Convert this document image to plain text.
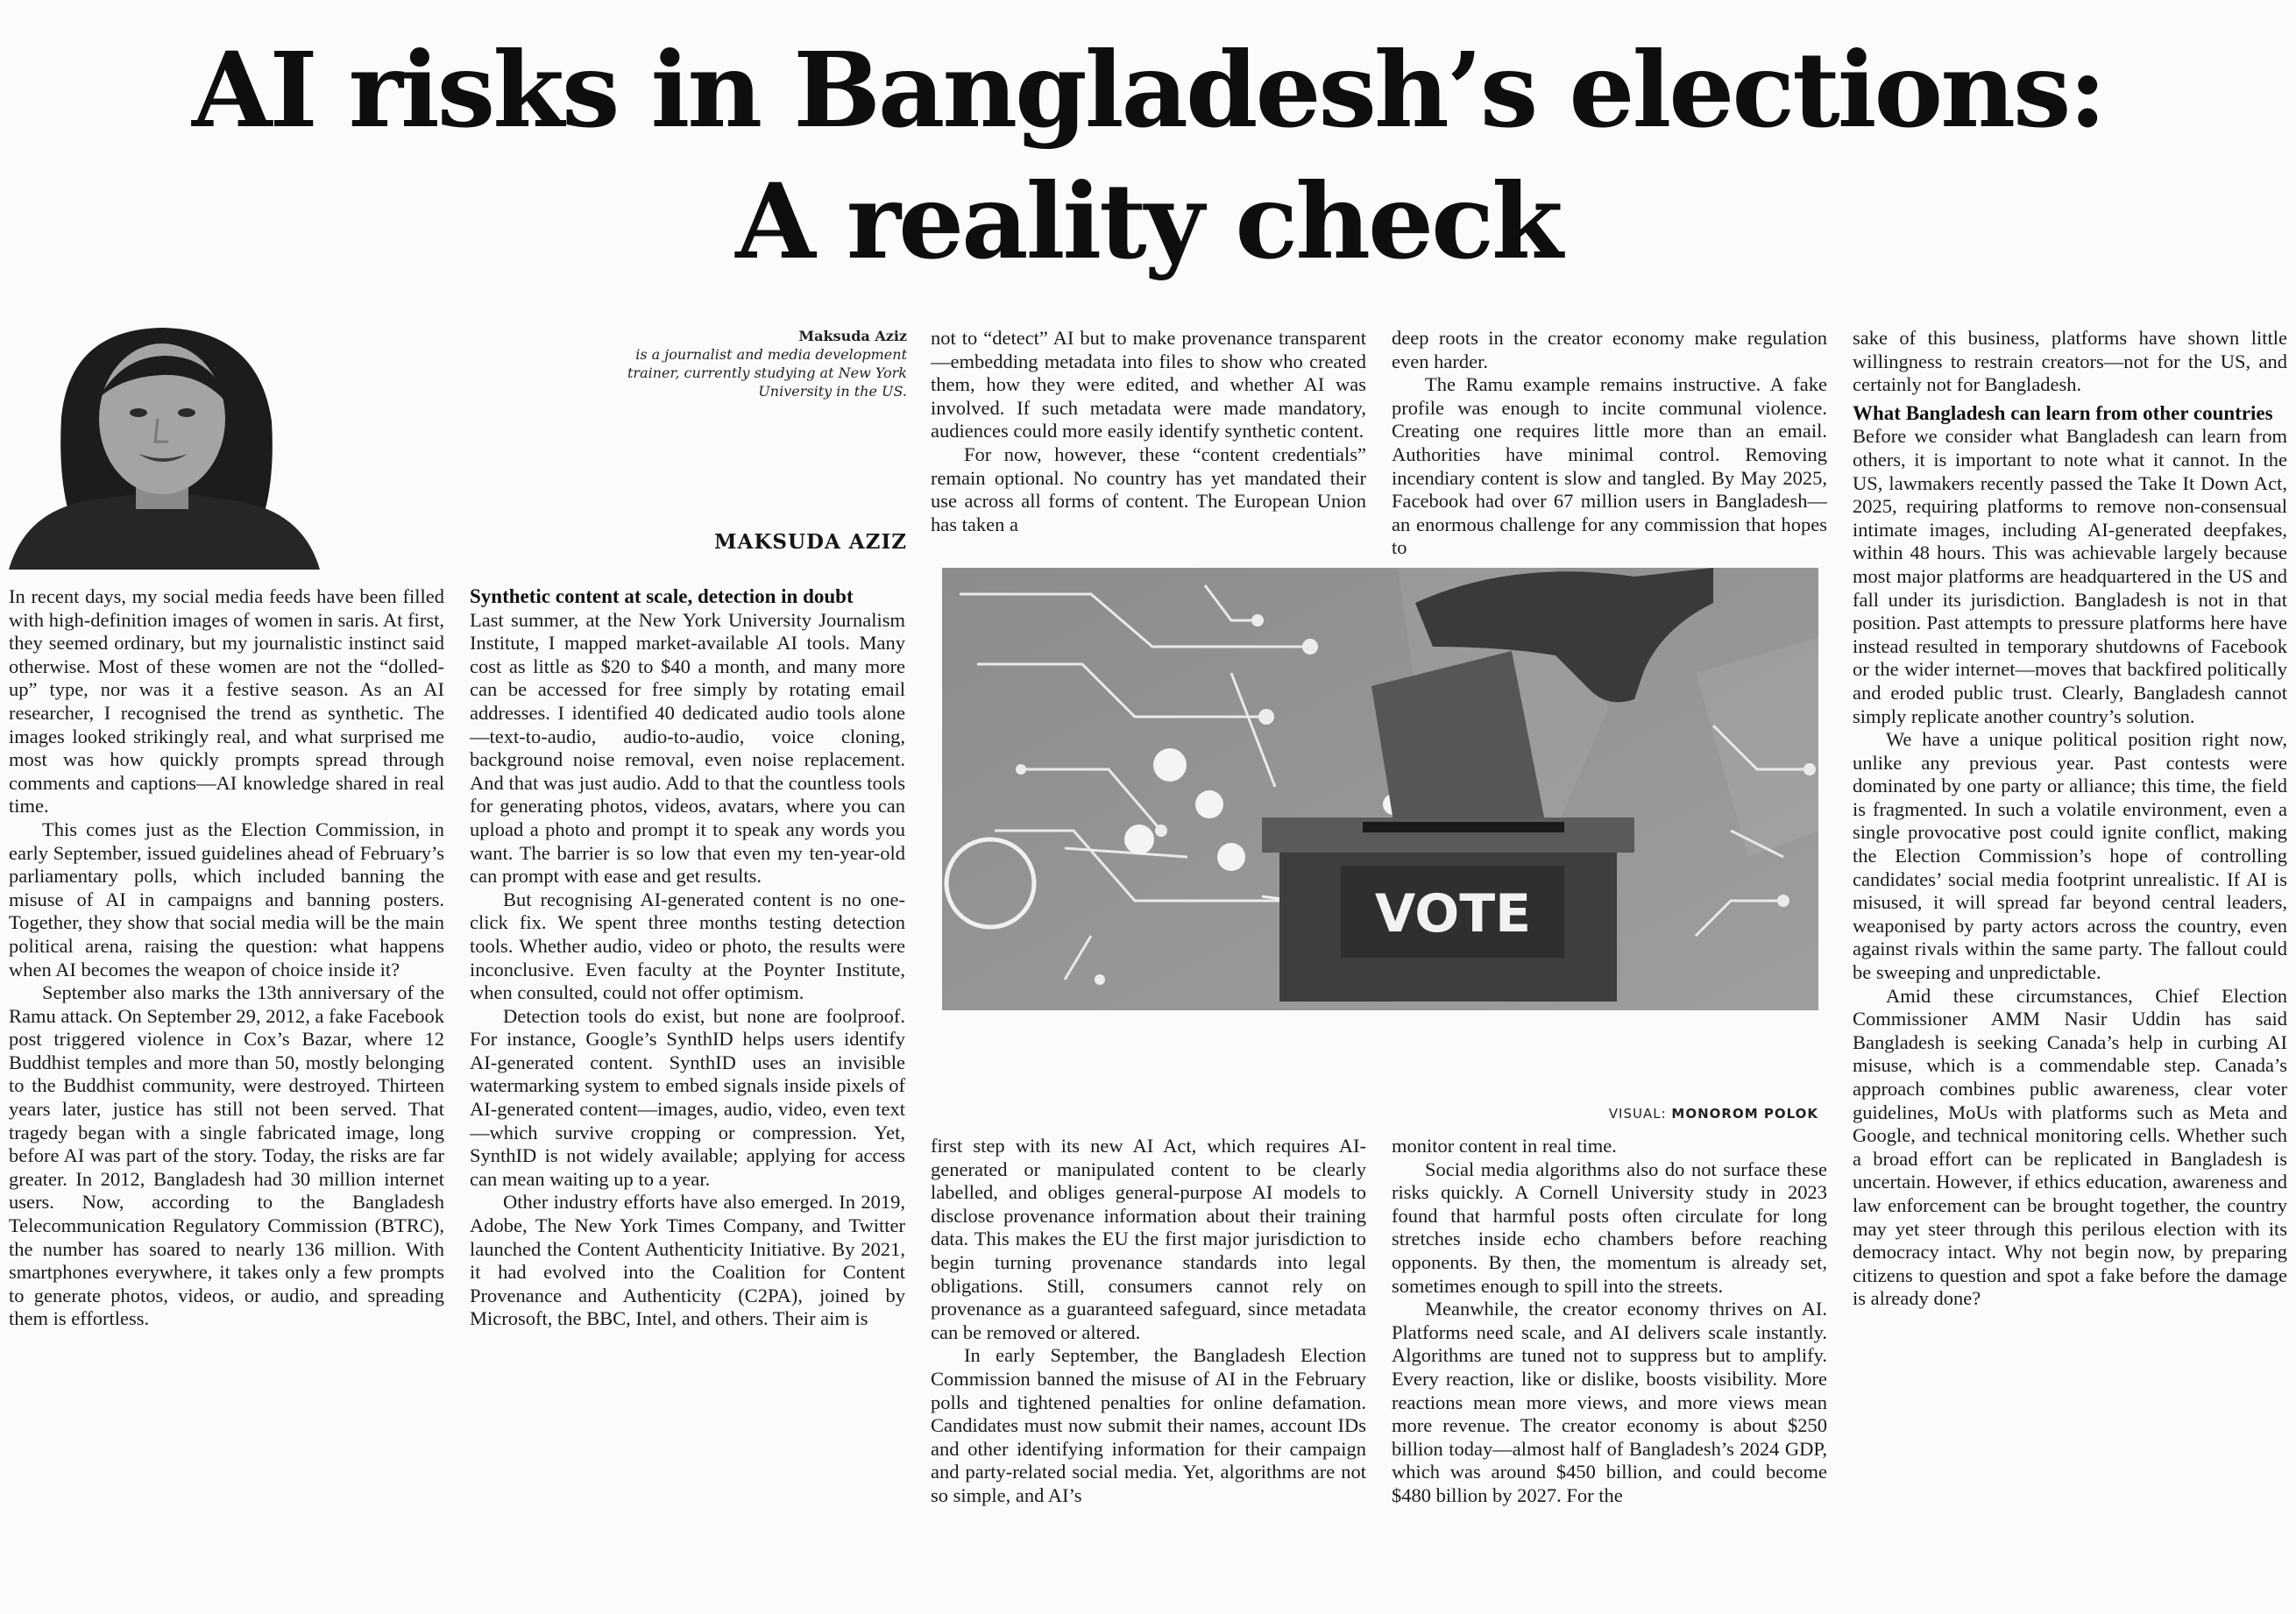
AI risks in Bangladesh’s elections:
A reality check
Maksuda Aziz
is a journalist and media development trainer, currently studying at New York University in the US.
MAKSUDA AZIZ

In recent days, my social media feeds have been filled with high-definition images of women in saris. At first, they seemed ordinary, but my journalistic instinct said otherwise. Most of these women are not the “dolled-up” type, nor was it a festive season. As an AI researcher, I recognised the trend as synthetic. The images looked strikingly real, and what surprised me most was how quickly prompts spread through comments and captions—AI knowledge shared in real time.

This comes just as the Election Commission, in early September, issued guidelines ahead of February’s parliamentary polls, which included banning the misuse of AI in campaigns and banning posters. Together, they show that social media will be the main political arena, raising the question: what happens when AI becomes the weapon of choice inside it?

September also marks the 13th anniversary of the Ramu attack. On September 29, 2012, a fake Facebook post triggered violence in Cox’s Bazar, where 12 Buddhist temples and more than 50, mostly belonging to the Buddhist community, were destroyed. Thirteen years later, justice has still not been served. That tragedy began with a single fabricated image, long before AI was part of the story. Today, the risks are far greater. In 2012, Bangladesh had 30 million internet users. Now, according to the Bangladesh Telecommunication Regulatory Commission (BTRC), the number has soared to nearly 136 million. With smartphones everywhere, it takes only a few prompts to generate photos, videos, or audio, and spreading them is effortless.

Synthetic content at scale, detection in doubt

Last summer, at the New York University Journalism Institute, I mapped market-available AI tools. Many cost as little as $20 to $40 a month, and many more can be accessed for free simply by rotating email addresses. I identified 40 dedicated audio tools alone—text-to-audio, audio-to-audio, voice cloning, background noise removal, even noise replacement. And that was just audio. Add to that the countless tools for generating photos, videos, avatars, where you can upload a photo and prompt it to speak any words you want. The barrier is so low that even my ten-year-old can prompt with ease and get results.

But recognising AI-generated content is no one-click fix. We spent three months testing detection tools. Whether audio, video or photo, the results were inconclusive. Even faculty at the Poynter Institute, when consulted, could not offer optimism.

Detection tools do exist, but none are foolproof. For instance, Google’s SynthID helps users identify AI-generated content. SynthID uses an invisible watermarking system to embed signals inside pixels of AI-generated content—images, audio, video, even text—which survive cropping or compression. Yet, SynthID is not widely available; applying for access can mean waiting up to a year.

Other industry efforts have also emerged. In 2019, Adobe, The New York Times Company, and Twitter launched the Content Authenticity Initiative. By 2021, it had evolved into the Coalition for Content Provenance and Authenticity (C2PA), joined by Microsoft, the BBC, Intel, and others. Their aim is

not to “detect” AI but to make provenance transparent—embedding metadata into files to show who created them, how they were edited, and whether AI was involved. If such metadata were made mandatory, audiences could more easily identify synthetic content.

For now, however, these “content credentials” remain optional. No country has yet mandated their use across all forms of content. The European Union has taken a

deep roots in the creator economy make regulation even harder.

The Ramu example remains instructive. A fake profile was enough to incite communal violence. Creating one requires little more than an email. Authorities have minimal control. Removing incendiary content is slow and tangled. By May 2025, Facebook had over 67 million users in Bangladesh—an enormous challenge for any commission that hopes to

VOTE
VISUAL: MONOROM POLOK

first step with its new AI Act, which requires AI-generated or manipulated content to be clearly labelled, and obliges general-purpose AI models to disclose provenance information about their training data. This makes the EU the first major jurisdiction to begin turning provenance standards into legal obligations. Still, consumers cannot rely on provenance as a guaranteed safeguard, since metadata can be removed or altered.

In early September, the Bangladesh Election Commission banned the misuse of AI in the February polls and tightened penalties for online defamation. Candidates must now submit their names, account IDs and other identifying information for their campaign and party-related social media. Yet, algorithms are not so simple, and AI’s

monitor content in real time.

Social media algorithms also do not surface these risks quickly. A Cornell University study in 2023 found that harmful posts often circulate for long stretches inside echo chambers before reaching opponents. By then, the momentum is already set, sometimes enough to spill into the streets.

Meanwhile, the creator economy thrives on AI. Platforms need scale, and AI delivers scale instantly. Algorithms are tuned not to suppress but to amplify. Every reaction, like or dislike, boosts visibility. More reactions mean more views, and more views mean more revenue. The creator economy is about $250 billion today—almost half of Bangladesh’s 2024 GDP, which was around $450 billion, and could become $480 billion by 2027. For the

sake of this business, platforms have shown little willingness to restrain creators—not for the US, and certainly not for Bangladesh.

What Bangladesh can learn from other countries

Before we consider what Bangladesh can learn from others, it is important to note what it cannot. In the US, lawmakers recently passed the Take It Down Act, 2025, requiring platforms to remove non-consensual intimate images, including AI-generated deepfakes, within 48 hours. This was achievable largely because most major platforms are headquartered in the US and fall under its jurisdiction. Bangladesh is not in that position. Past attempts to pressure platforms here have instead resulted in temporary shutdowns of Facebook or the wider internet—moves that backfired politically and eroded public trust. Clearly, Bangladesh cannot simply replicate another country’s solution.

We have a unique political position right now, unlike any previous year. Past contests were dominated by one party or alliance; this time, the field is fragmented. In such a volatile environment, even a single provocative post could ignite conflict, making the Election Commission’s hope of controlling candidates’ social media footprint unrealistic. If AI is misused, it will spread far beyond central leaders, weaponised by party actors across the country, even against rivals within the same party. The fallout could be sweeping and unpredictable.

Amid these circumstances, Chief Election Commissioner AMM Nasir Uddin has said Bangladesh is seeking Canada’s help in curbing AI misuse, which is a commendable step. Canada’s approach combines public awareness, clear voter guidelines, MoUs with platforms such as Meta and Google, and technical monitoring cells. Whether such a broad effort can be replicated in Bangladesh is uncertain. However, if ethics education, awareness and law enforcement can be brought together, the country may yet steer through this perilous election with its democracy intact. Why not begin now, by preparing citizens to question and spot a fake before the damage is already done?
